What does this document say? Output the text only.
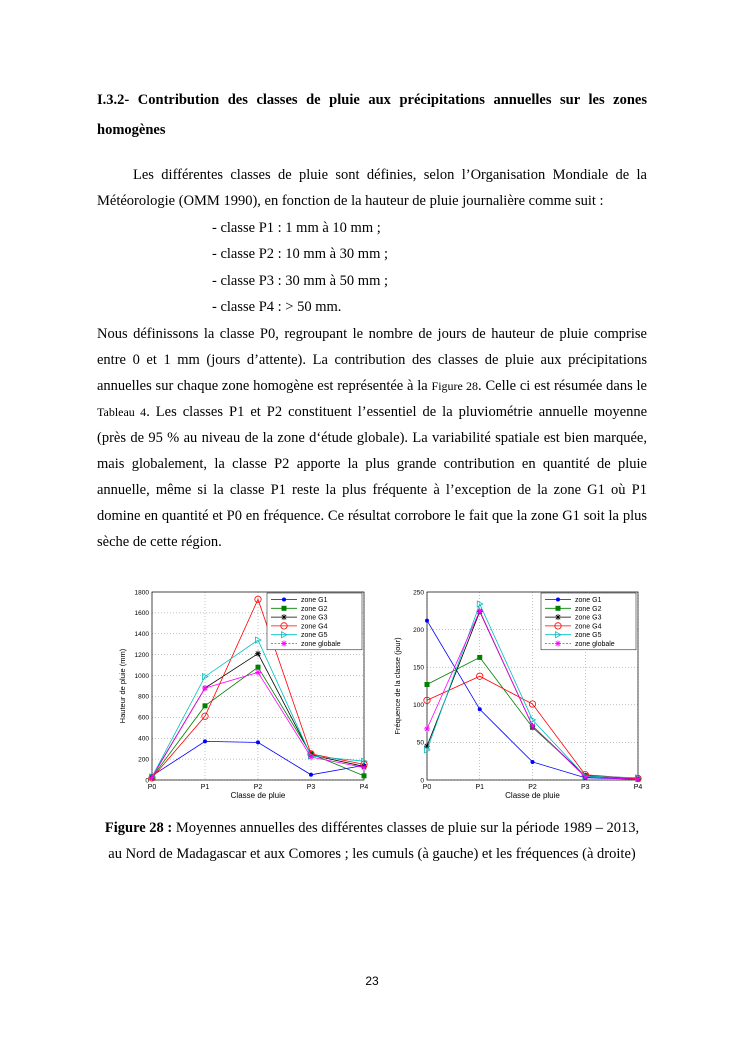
I.3.2- Contribution des classes de pluie aux précipitations annuelles sur les zones
homogènes
Les différentes classes de pluie sont définies, selon l’Organisation Mondiale de la Météorologie (OMM 1990), en fonction de la hauteur de pluie journalière comme suit :
- classe P1 : 1 mm à 10 mm ;
- classe P2 : 10 mm à 30 mm ;
- classe P3 : 30 mm à 50 mm ;
- classe P4 : > 50 mm.
Nous définissons la classe P0, regroupant le nombre de jours de hauteur de pluie comprise entre 0 et 1 mm (jours d’attente). La contribution des classes de pluie aux précipitations annuelles sur chaque zone homogène est représentée à la Figure 28. Celle ci est résumée dans le Tableau 4. Les classes P1 et P2 constituent l’essentiel de la pluviométrie annuelle moyenne (près de 95 % au niveau de la zone d‘étude globale). La variabilité spatiale est bien marquée, mais globalement, la classe P2 apporte la plus grande contribution en quantité de pluie annuelle, même si la classe P1 reste la plus fréquente à l’exception de la zone G1 où P1 domine en quantité et P0 en fréquence. Ce résultat corrobore le fait que la zone G1 soit la plus sèche de cette région.
0
200
400
600
800
1000
1200
1400
1600
1800
P0	P1	P2	P3	P4
Classe de pluie
Hauteur de pluie (mm)
zone G1
zone G2
zone G3
zone G4
zone G5
zone globale
0
50
100
150
200
250
P0	P1	P2	P3	P4
Classe de pluie
Fréquence de la classe (jour)
zone G1
zone G2
zone G3
zone G4
zone G5
zone globale
Figure 28 : Moyennes annuelles des différentes classes de pluie sur la période 1989 – 2013, au Nord de Madagascar et aux Comores ; les cumuls (à gauche) et les fréquences (à droite)
23
